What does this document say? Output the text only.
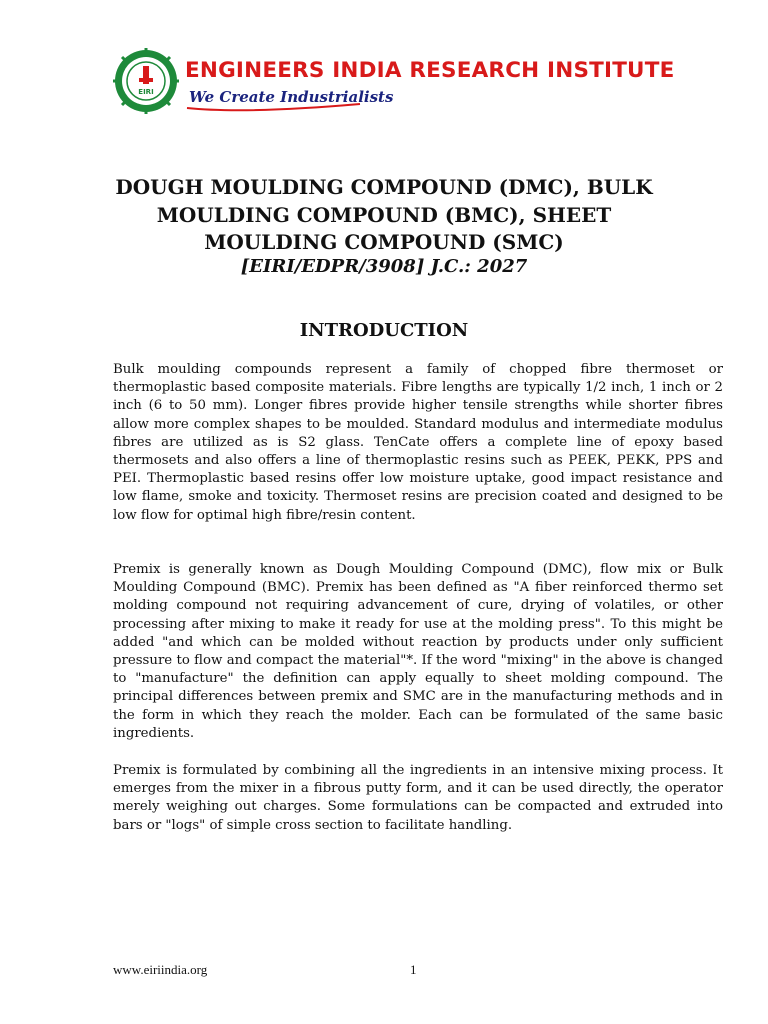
EIRI
ENGINEERS INDIA RESEARCH INSTITUTE
We Create Industrialists
DOUGH MOULDING COMPOUND (DMC), BULK MOULDING COMPOUND (BMC), SHEET MOULDING COMPOUND (SMC)

[EIRI/EDPR/3908] J.C.: 2027

INTRODUCTION

Bulk moulding compounds represent a family of chopped fibre thermoset or thermoplastic based composite materials. Fibre lengths are typically 1/2 inch, 1 inch or 2 inch (6 to 50 mm). Longer fibres provide higher tensile strengths while shorter fibres allow more complex shapes to be moulded. Standard modulus and intermediate modulus fibres are utilized as is S2 glass. TenCate offers a complete line of epoxy based thermosets and also offers a line of thermoplastic resins such as PEEK, PEKK, PPS and PEI. Thermoplastic based resins offer low moisture uptake, good impact resistance and low flame, smoke and toxicity. Thermoset resins are precision coated and designed to be low flow for optimal high fibre/resin content.

Premix is generally known as Dough Moulding Compound (DMC), flow mix or Bulk Moulding Compound (BMC). Premix has been defined as "A fiber reinforced thermo set molding compound not requiring advancement of cure, drying of volatiles, or other processing after mixing to make it ready for use at the molding press". To this might be added "and which can be molded without reaction by products under only sufficient pressure to flow and compact the material"*. If the word "mixing" in the above is changed to "manufacture" the definition can apply equally to sheet molding compound. The principal differences between premix and SMC are in the manufacturing methods and in the form in which they reach the molder. Each can be formulated of the same basic ingredients.

Premix is formulated by combining all the ingredients in an intensive mixing process. It emerges from the mixer in a fibrous putty form, and it can be used directly, the operator merely weighing out charges. Some formulations can be compacted and extruded into bars or "logs" of simple cross section to facilitate handling.

www.eiriindia.org	1
